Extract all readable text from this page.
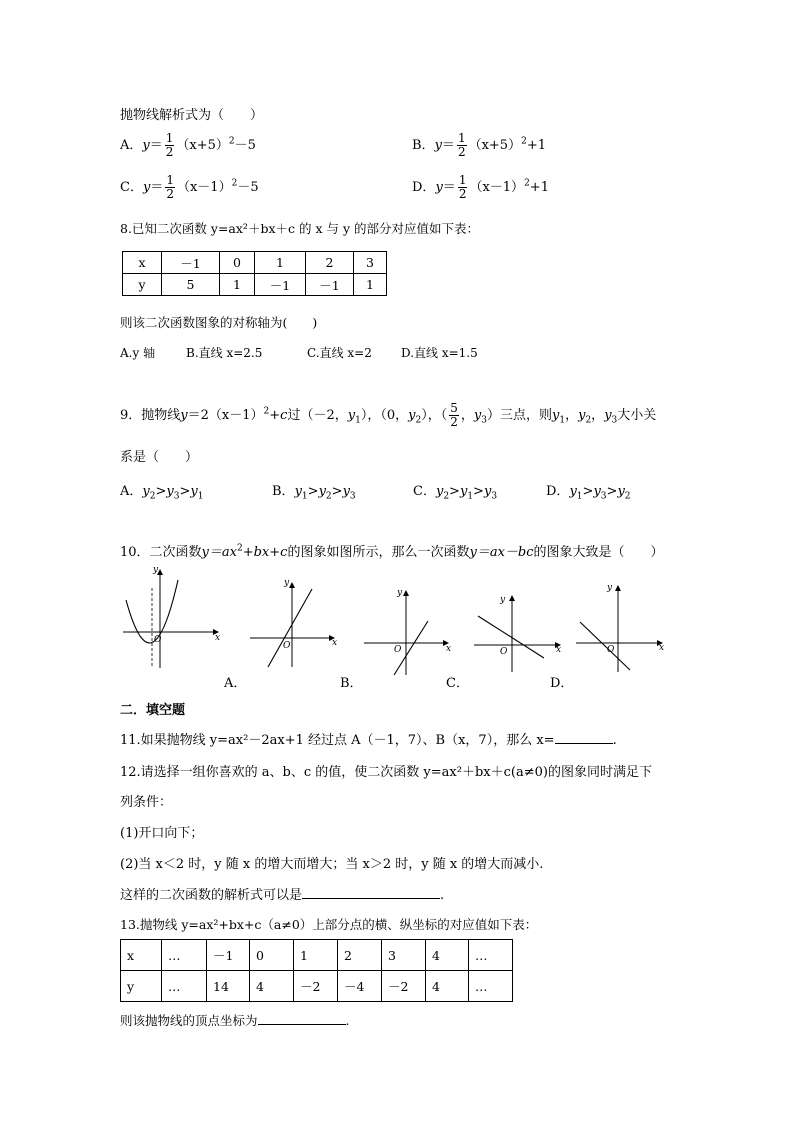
抛物线解析式为（　　）
A．$y= \frac{1}{2} (x+5)^2-5$	B．$y= \frac{1}{2} (x+5)^2+1$
C．$y= \frac{1}{2} (x-1)^2-5$	D．$y= \frac{1}{2} (x-1)^2+1$
8.已知二次函数 y=ax²＋bx＋c 的 x 与 y 的部分对应值如下表：
x	－1	0	1	2	3
y	5	1	－1	－1	1
则该二次函数图象的对称轴为(　　)
A.y 轴	B.直线 x=2.5	C.直线 x=2 D.直线 x=1.5
9．抛物线$y=2(x-1)^2+c$过（－2，$y_1$），（0，$y_2$），（ $\frac{5}{2}$ ，$y_3$）三点，则$y_1$，$y_2$，$y_3$大小关
系是（　　）
A．$y_2>y_3>y_1$	B．$y_1>y_2>y_3$	C．$y_2>y_1>y_3$	D．$y_1>y_3>y_2$
10．二次函数$y=ax^2+bx+c$的图象如图所示，那么一次函数y＝ax－bc的图象大致是（　　）
y
x
O
y
x
O
A．
y
x
O
B．
y
x
O
C．
y
x
O
D．
二．填空题
11.如果抛物线 y=ax²－2ax+1 经过点 A（－1，7）、B（x，7），那么 x=	.
12.请选择一组你喜欢的 a、b、c 的值，使二次函数 y=ax²＋bx＋c(a≠0)的图象同时满足下
列条件：
(1)开口向下；
(2)当 x＜2 时，y 随 x 的增大而增大；当 x＞2 时，y 随 x 的增大而减小.
这样的二次函数的解析式可以是	.
13.抛物线 y=ax²+bx+c（a≠0）上部分点的横、纵坐标的对应值如下表：
x	…	－1	0	1	2	3	4	…
y	…	14	4	－2	－4	－2	4	…
则该抛物线的顶点坐标为	.
